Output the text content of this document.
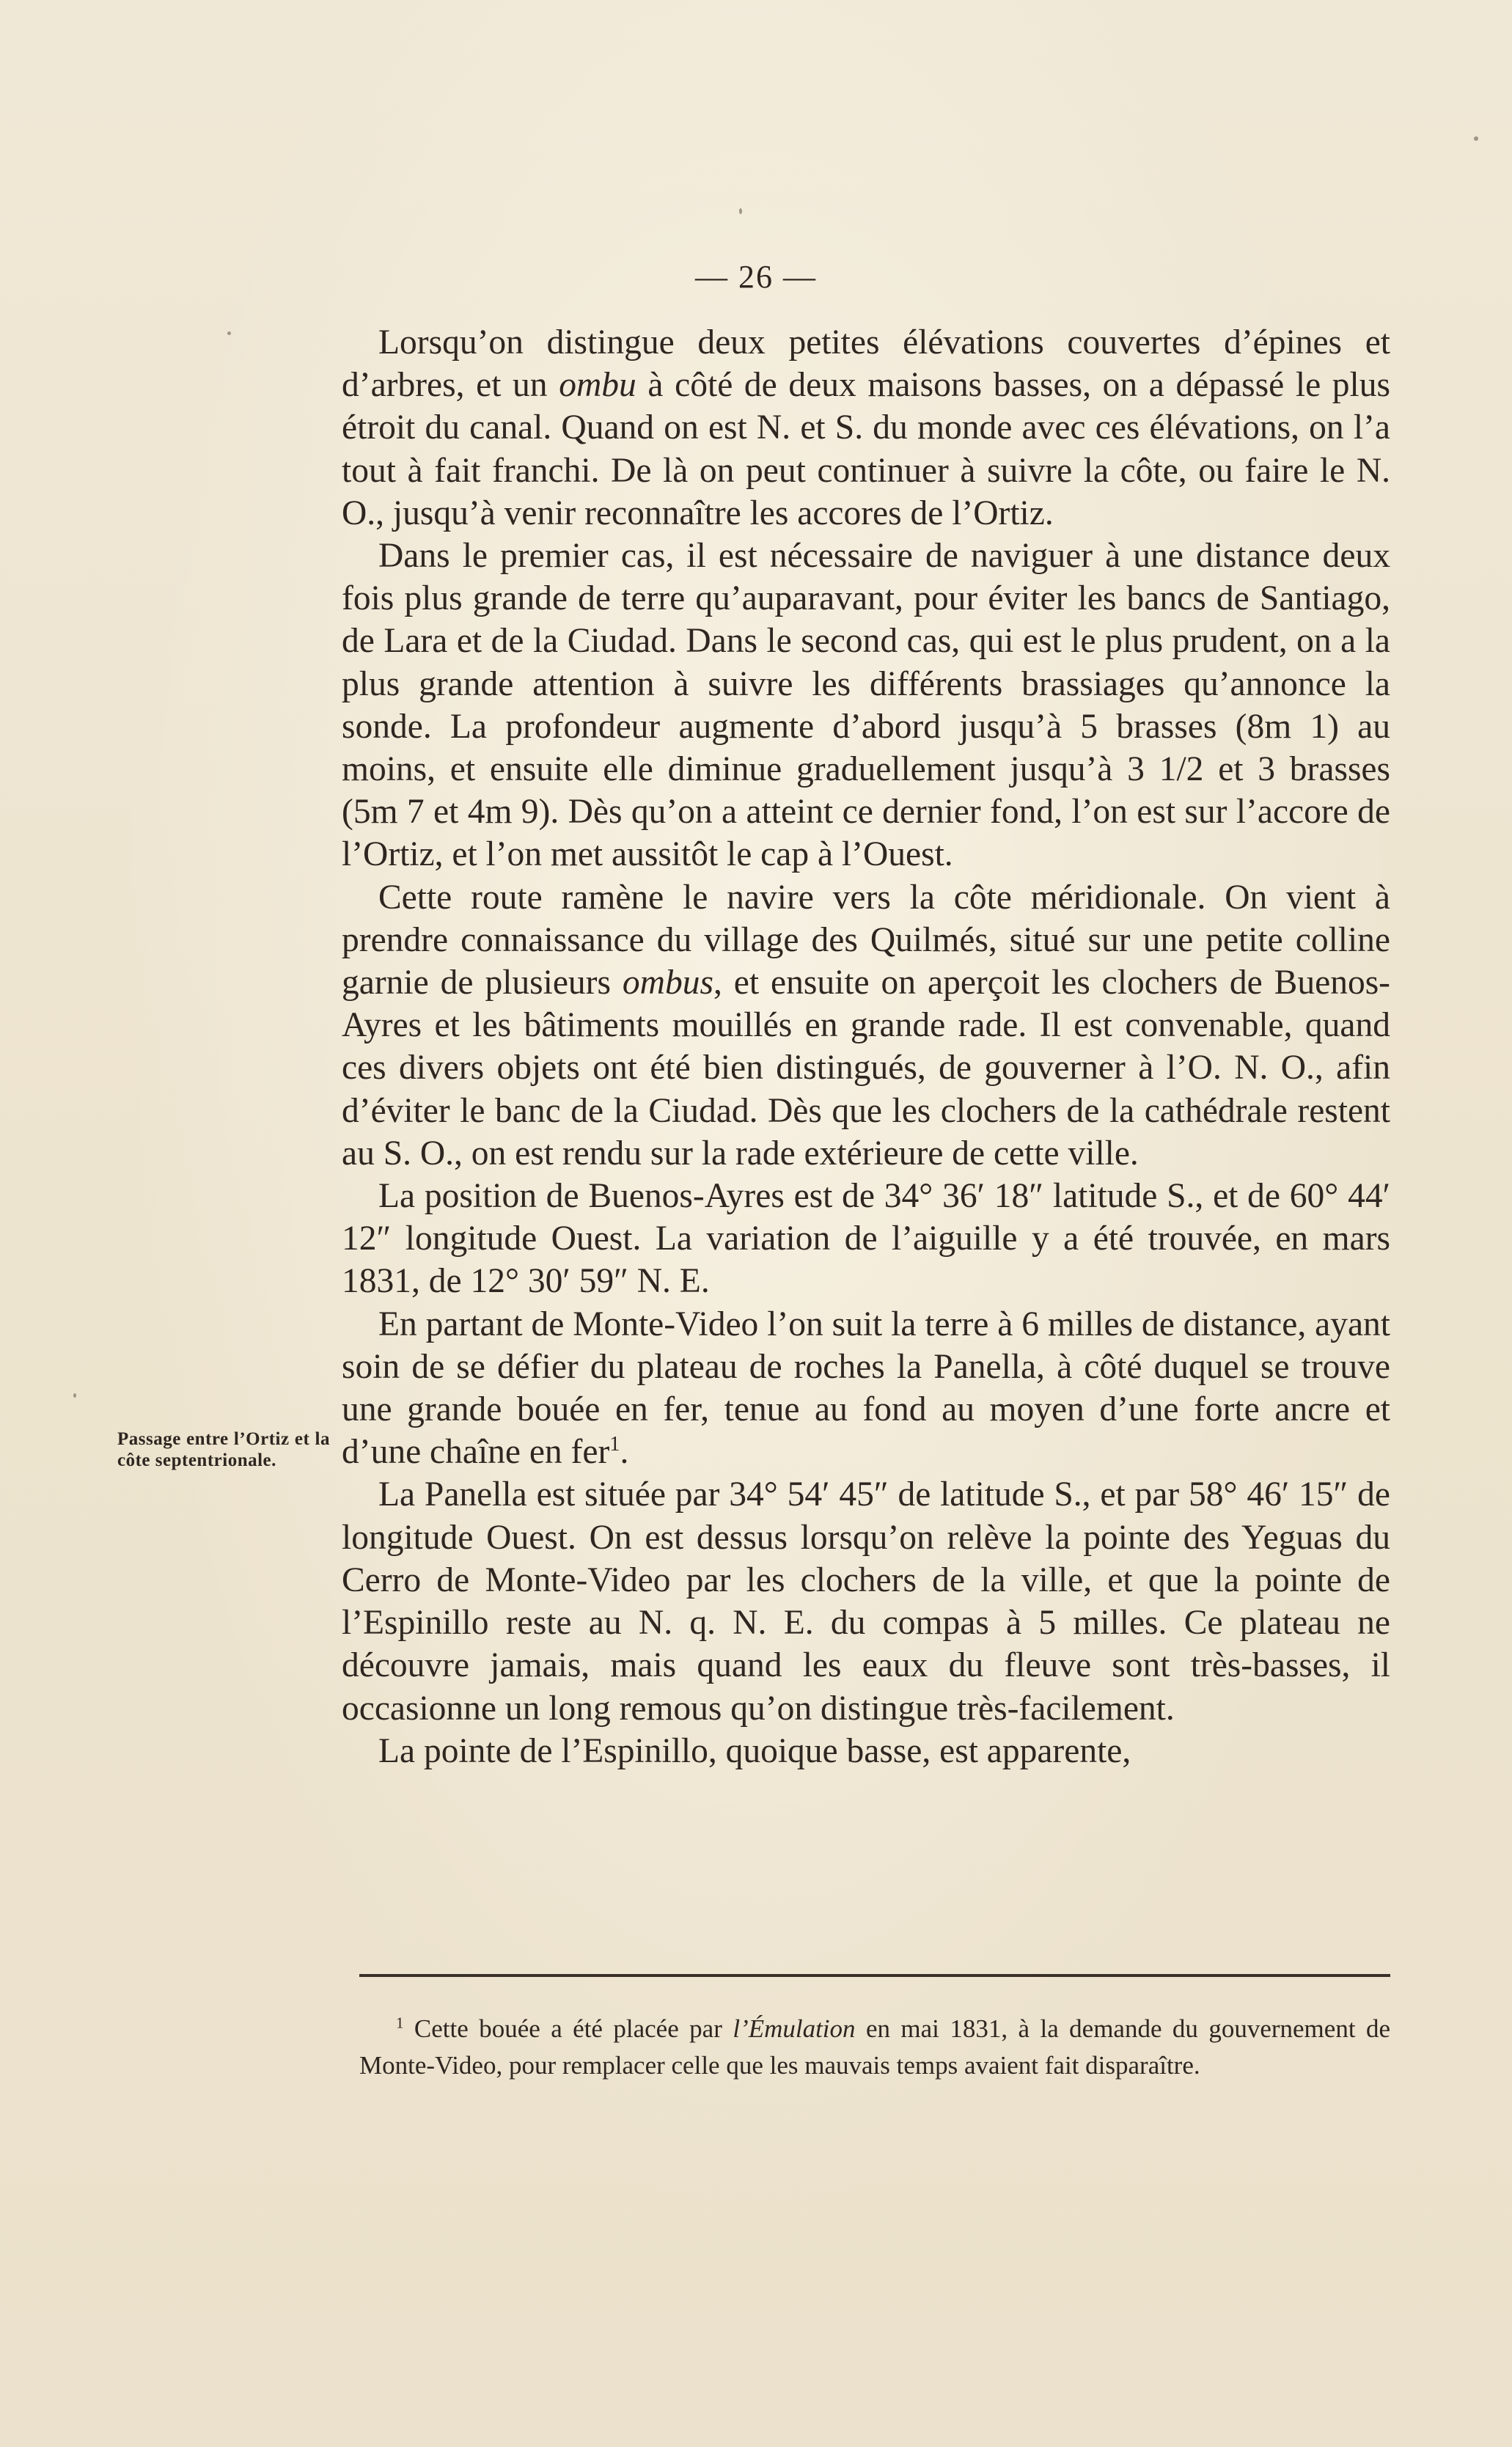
— 26 —
Passage entre l’Ortiz et la côte septentrionale.

Lorsqu’on distingue deux petites élévations couvertes d’épines et d’arbres, et un ombu à côté de deux maisons basses, on a dépassé le plus étroit du canal. Quand on est N. et S. du monde avec ces élévations, on l’a tout à fait franchi. De là on peut continuer à suivre la côte, ou faire le N. O., jusqu’à venir reconnaître les accores de l’Ortiz.

Dans le premier cas, il est nécessaire de naviguer à une distance deux fois plus grande de terre qu’auparavant, pour éviter les bancs de Santiago, de Lara et de la Ciudad. Dans le second cas, qui est le plus prudent, on a la plus grande attention à suivre les différents brassiages qu’annonce la sonde. La profondeur augmente d’abord jusqu’à 5 brasses (8m 1) au moins, et ensuite elle diminue graduellement jusqu’à 3 1/2 et 3 brasses (5m 7 et 4m 9). Dès qu’on a atteint ce dernier fond, l’on est sur l’accore de l’Ortiz, et l’on met aussitôt le cap à l’Ouest.

Cette route ramène le navire vers la côte méridionale. On vient à prendre connaissance du village des Quilmés, situé sur une petite colline garnie de plusieurs ombus, et ensuite on aperçoit les clochers de Buenos-Ayres et les bâtiments mouillés en grande rade. Il est convenable, quand ces divers objets ont été bien distingués, de gouverner à l’O. N. O., afin d’éviter le banc de la Ciudad. Dès que les clochers de la cathédrale restent au S. O., on est rendu sur la rade extérieure de cette ville.

La position de Buenos-Ayres est de 34° 36′ 18″ latitude S., et de 60° 44′ 12″ longitude Ouest. La variation de l’aiguille y a été trouvée, en mars 1831, de 12° 30′ 59″ N. E.

En partant de Monte-Video l’on suit la terre à 6 milles de distance, ayant soin de se défier du plateau de roches la Panella, à côté duquel se trouve une grande bouée en fer, tenue au fond au moyen d’une forte ancre et d’une chaîne en fer$^1$.

La Panella est située par 34° 54′ 45″ de latitude S., et par 58° 46′ 15″ de longitude Ouest. On est dessus lorsqu’on relève la pointe des Yeguas du Cerro de Monte-Video par les clochers de la ville, et que la pointe de l’Espinillo reste au N. q. N. E. du compas à 5 milles. Ce plateau ne découvre jamais, mais quand les eaux du fleuve sont très-basses, il occasionne un long remous qu’on distingue très-facilement.

La pointe de l’Espinillo, quoique basse, est apparente,

$^1$ Cette bouée a été placée par l’Émulation en mai 1831, à la demande du gouvernement de Monte-Video, pour remplacer celle que les mauvais temps avaient fait disparaître.
